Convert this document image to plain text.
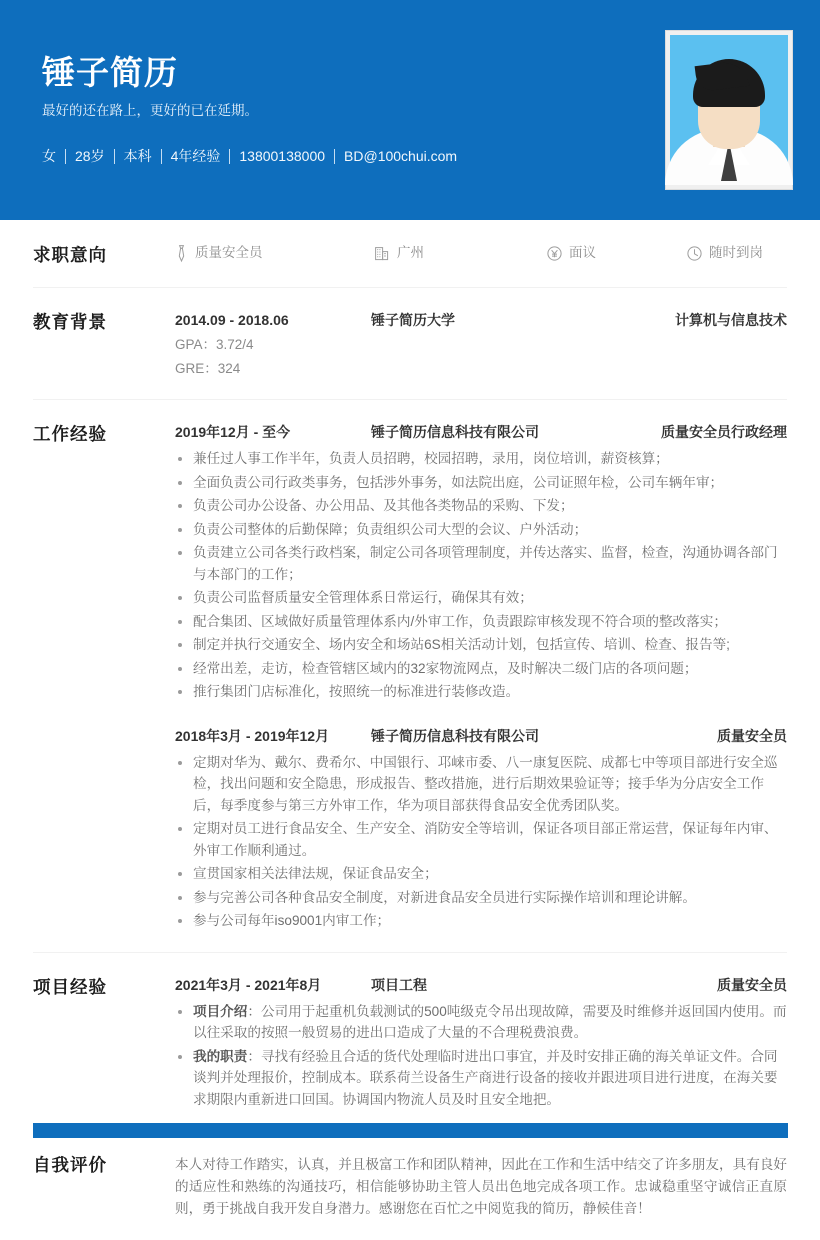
锤子简历
最好的还在路上，更好的已在延期。
女 28岁 本科 4年经验 13800138000 BD@100chui.com
求职意向	质量安全员	广州	面议	随时到岗
教育背景	2014.09 - 2018.06	锤子简历大学	计算机与信息技术
GPA：3.72/4
GRE：324
工作经验	2019年12月 - 至今	锤子简历信息科技有限公司	质量安全员行政经理
兼任过人事工作半年，负责人员招聘，校园招聘，录用，岗位培训，薪资核算；
全面负责公司行政类事务，包括涉外事务，如法院出庭，公司证照年检，公司车辆年审；
负责公司办公设备、办公用品、及其他各类物品的采购、下发；
负责公司整体的后勤保障；负责组织公司大型的会议、户外活动；
负责建立公司各类行政档案，制定公司各项管理制度，并传达落实、监督，检查，沟通协调各部门与本部门的工作；
负责公司监督质量安全管理体系日常运行，确保其有效；
配合集团、区域做好质量管理体系内/外审工作，负责跟踪审核发现不符合项的整改落实；
制定并执行交通安全、场内安全和场站6S相关活动计划，包括宣传、培训、检查、报告等;
经常出差，走访，检查管辖区域内的32家物流网点，及时解决二级门店的各项问题；
推行集团门店标准化，按照统一的标准进行装修改造。
2018年3月 - 2019年12月	锤子简历信息科技有限公司	质量安全员
定期对华为、戴尔、费希尔、中国银行、邛崃市委、八一康复医院、成都七中等项目部进行安全巡检，找出问题和安全隐患，形成报告、整改措施，进行后期效果验证等；接手华为分店安全工作后，每季度参与第三方外审工作，华为项目部获得食品安全优秀团队奖。
定期对员工进行食品安全、生产安全、消防安全等培训，保证各项目部正常运营，保证每年内审、外审工作顺利通过。
宣贯国家相关法律法规，保证食品安全；
参与完善公司各种食品安全制度，对新进食品安全员进行实际操作培训和理论讲解。
参与公司每年iso9001内审工作；
项目经验	2021年3月 - 2021年8月	项目工程	质量安全员
项目介绍：公司用于起重机负载测试的500吨级克令吊出现故障，需要及时维修并返回国内使用。而以往采取的按照一般贸易的进出口造成了大量的不合理税费浪费。
我的职责：寻找有经验且合适的货代处理临时进出口事宜，并及时安排正确的海关单证文件。合同谈判并处理报价，控制成本。联系荷兰设备生产商进行设备的接收并跟进项目进行进度，在海关要求期限内重新进口回国。协调国内物流人员及时且安全地把。
自我评价	本人对待工作踏实，认真，并且极富工作和团队精神，因此在工作和生活中结交了许多朋友，具有良好的适应性和熟练的沟通技巧，相信能够协助主管人员出色地完成各项工作。忠诚稳重坚守诚信正直原则，勇于挑战自我开发自身潜力。感谢您在百忙之中阅览我的简历，静候佳音！
